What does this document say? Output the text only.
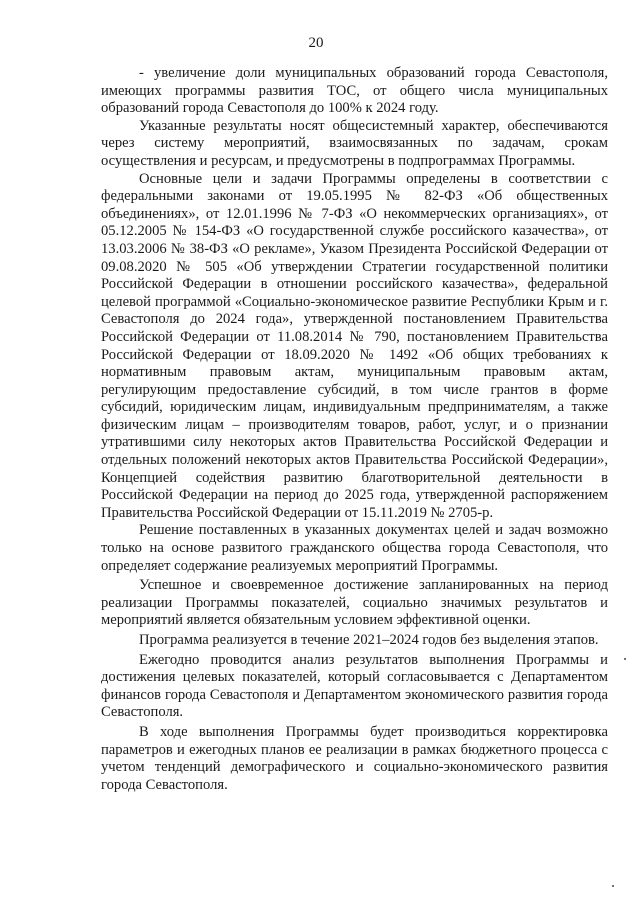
20

- увеличение доли муниципальных образований города Севастополя, имеющих программы развития ТОС, от общего числа муниципальных образований города Севастополя до 100% к 2024 году.

Указанные результаты носят общесистемный характер, обеспечиваются через систему мероприятий, взаимосвязанных по задачам, срокам осуществления и ресурсам, и предусмотрены в подпрограммах Программы.

Основные цели и задачи Программы определены в соответствии с федеральными законами от 19.05.1995 № 82-ФЗ «Об общественных объединениях», от 12.01.1996 № 7-ФЗ «О некоммерческих организациях», от 05.12.2005 № 154-ФЗ «О государственной службе российского казачества», от 13.03.2006 № 38-ФЗ «О рекламе», Указом Президента Российской Федерации от 09.08.2020 № 505 «Об утверждении Стратегии государственной политики Российской Федерации в отношении российского казачества», федеральной целевой программой «Социально-экономическое развитие Республики Крым и г. Севастополя до 2024 года», утвержденной постановлением Правительства Российской Федерации от 11.08.2014 № 790, постановлением Правительства Российской Федерации от 18.09.2020 № 1492 «Об общих требованиях к нормативным правовым актам, муниципальным правовым актам, регулирующим предоставление субсидий, в том числе грантов в форме субсидий, юридическим лицам, индивидуальным предпринимателям, а также физическим лицам – производителям товаров, работ, услуг, и о признании утратившими силу некоторых актов Правительства Российской Федерации и отдельных положений некоторых актов Правительства Российской Федерации», Концепцией содействия развитию благотворительной деятельности в Российской Федерации на период до 2025 года, утвержденной распоряжением Правительства Российской Федерации от 15.11.2019 № 2705-р.

Решение поставленных в указанных документах целей и задач возможно только на основе развитого гражданского общества города Севастополя, что определяет содержание реализуемых мероприятий Программы.

Успешное и своевременное достижение запланированных на период реализации Программы показателей, социально значимых результатов и мероприятий является обязательным условием эффективной оценки.

Программа реализуется в течение 2021–2024 годов без выделения этапов.

Ежегодно проводится анализ результатов выполнения Программы и достижения целевых показателей, который согласовывается с Департаментом финансов города Севастополя и Департаментом экономического развития города Севастополя.

В ходе выполнения Программы будет производиться корректировка параметров и ежегодных планов ее реализации в рамках бюджетного процесса с учетом тенденций демографического и социально-экономического развития города Севастополя.
